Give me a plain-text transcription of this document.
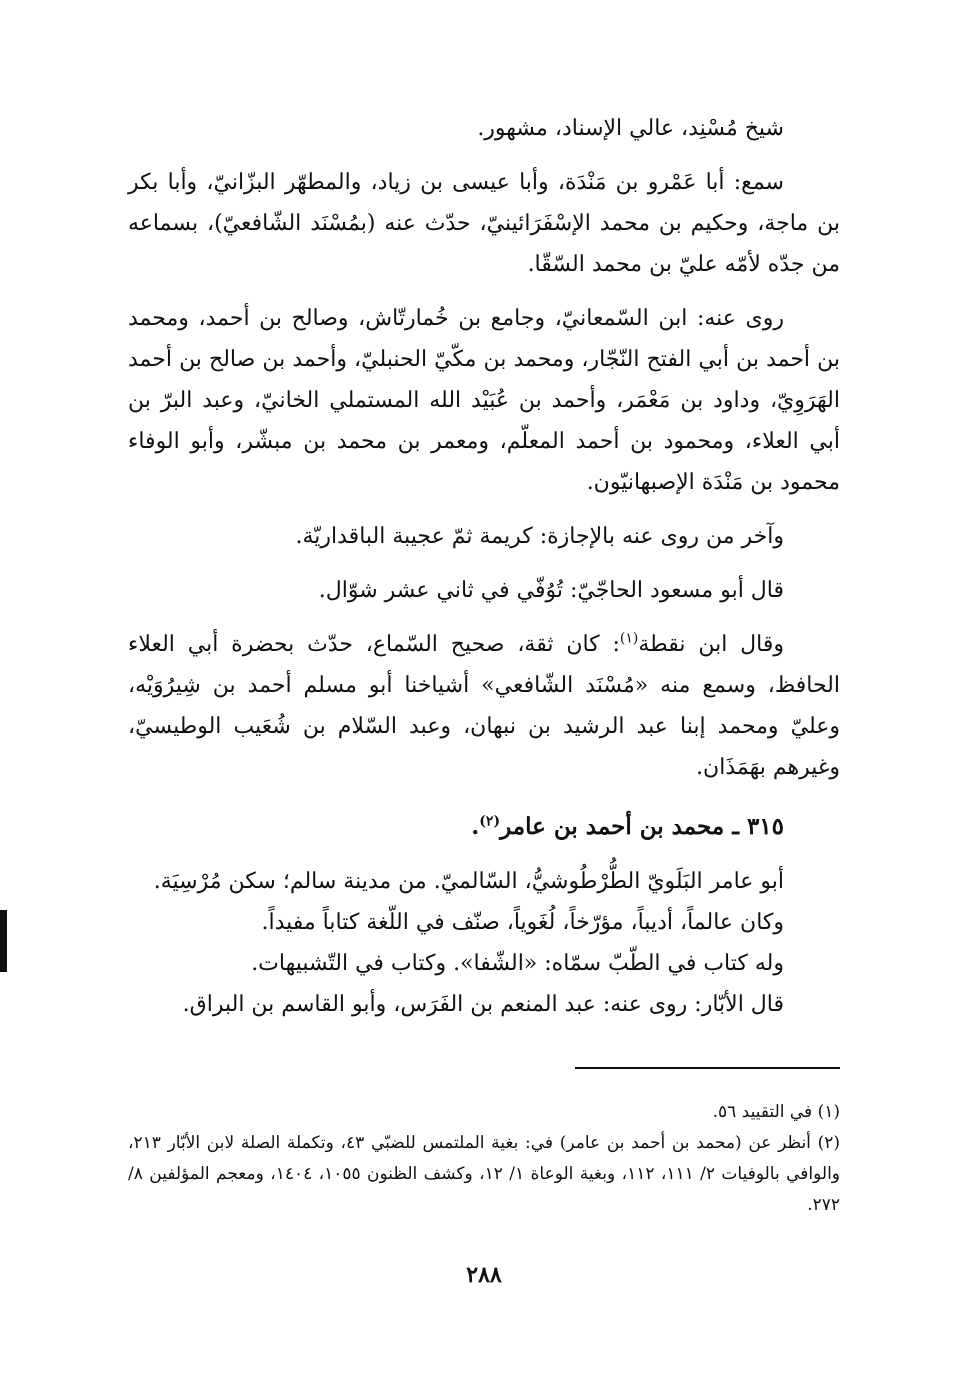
شيخ مُسْنِد، عالي الإسناد، مشهور.

سمع: أبا عَمْرو بن مَنْدَة، وأبا عيسى بن زياد، والمطهّر البزّانيّ، وأبا بكر بن ماجة، وحكيم بن محمد الإسْفَرَائينيّ، حدّث عنه (بمُسْنَد الشّافعيّ)، بسماعه من جدّه لأمّه عليّ بن محمد السّقّا.

روى عنه: ابن السّمعانيّ، وجامع بن خُمارتّاش، وصالح بن أحمد، ومحمد بن أحمد بن أبي الفتح النّجّار، ومحمد بن مكّيّ الحنبليّ، وأحمد بن صالح بن أحمد الهَرَوِيّ، وداود بن مَعْمَر، وأحمد بن عُبَيْد الله المستملي الخانيّ، وعبد البرّ بن أبي العلاء، ومحمود بن أحمد المعلّم، ومعمر بن محمد بن مبشّر، وأبو الوفاء محمود بن مَنْدَة الإصبهانيّون.

وآخر من روى عنه بالإجازة: كريمة ثمّ عجيبة الباقداريّة.

قال أبو مسعود الحاجّيّ: تُوُفّي في ثاني عشر شوّال.

وقال ابن نقطة$^{(١)}$: كان ثقة، صحيح السّماع، حدّث بحضرة أبي العلاء الحافظ، وسمع منه «مُسْنَد الشّافعي» أشياخنا أبو مسلم أحمد بن شِيرُوَيْه، وعليّ ومحمد إبنا عبد الرشيد بن نبهان، وعبد السّلام بن شُعَيب الوطيسيّ، وغيرهم بهَمَذَان.

٣١٥ ـ محمد بن أحمد بن عامر$^{(٢)}$.

أبو عامر البَلَويّ الطُّرْطُوشيُّ، السّالميّ. من مدينة سالم؛ سكن مُرْسِيَة.

وكان عالماً، أديباً، مؤرّخاً، لُغَوياً، صنّف في اللّغة كتاباً مفيداً.

وله كتاب في الطّبّ سمّاه: «الشّفا». وكتاب في التّشبيهات.

قال الأبّار: روى عنه: عبد المنعم بن الفَرَس، وأبو القاسم بن البراق.

(١) في التقييد ٥٦.

(٢) أنظر عن (محمد بن أحمد بن عامر) في: بغية الملتمس للضبّي ٤٣، وتكملة الصلة لابن الأبّار ٢١٣، والوافي بالوفيات ٢/ ١١١، ١١٢، وبغية الوعاة ١/ ١٢، وكشف الظنون ١٠٥٥، ١٤٠٤، ومعجم المؤلفين ٨/ ٢٧٢.

٢٨٨
